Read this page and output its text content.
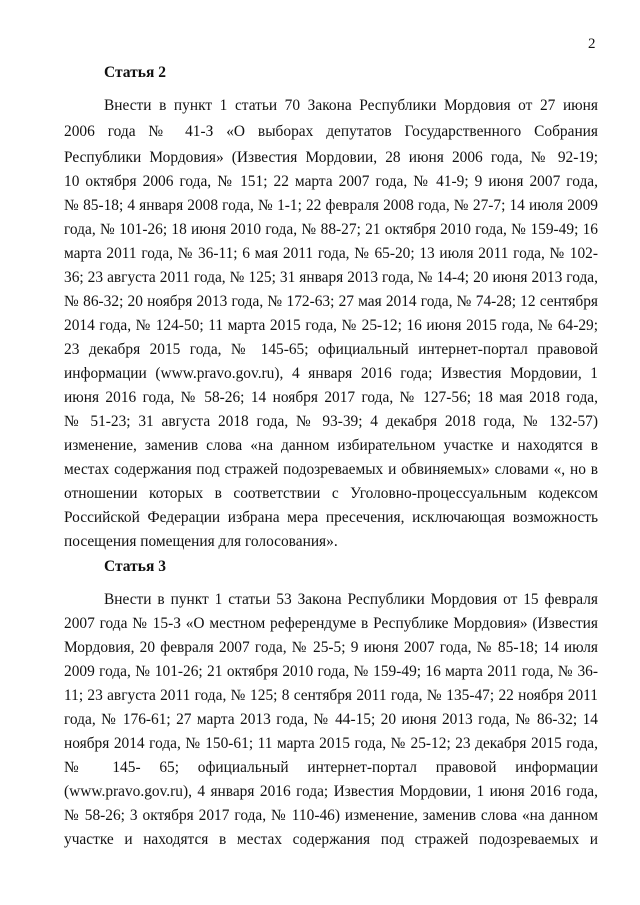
2
Статья 2
Внести в пункт 1 статьи 70 Закона Республики Мордовия от 27 июня
2006 года № 41-З «О выборах депутатов Государственного Собрания
Республики Мордовия» (Известия Мордовии, 28 июня 2006 года, № 92-19;
10 октября 2006 года, № 151; 22 марта 2007 года, № 41-9; 9 июня 2007 года,
№ 85-18; 4 января 2008 года, № 1-1; 22 февраля 2008 года, № 27-7; 14 июля 2009
года, № 101-26; 18 июня 2010 года, № 88-27; 21 октября 2010 года, № 159-49; 16
марта 2011 года, № 36-11; 6 мая 2011 года, № 65-20; 13 июля 2011 года, № 102-
36; 23 августа 2011 года, № 125; 31 января 2013 года, № 14-4; 20 июня 2013 года,
№ 86-32; 20 ноября 2013 года, № 172-63; 27 мая 2014 года, № 74-28; 12 сентября
2014 года, № 124-50; 11 марта 2015 года, № 25-12; 16 июня 2015 года, № 64-29;
23 декабря 2015 года, № 145-65; официальный интернет-портал правовой
информации (www.pravo.gov.ru), 4 января 2016 года; Известия Мордовии, 1
июня 2016 года, № 58-26; 14 ноября 2017 года, № 127-56; 18 мая 2018 года,
№ 51-23; 31 августа 2018 года, № 93-39; 4 декабря 2018 года, № 132-57)
изменение, заменив слова «на данном избирательном участке и находятся в
местах содержания под стражей подозреваемых и обвиняемых» словами «, но в
отношении которых в соответствии с Уголовно-процессуальным кодексом
Российской Федерации избрана мера пресечения, исключающая возможность
посещения помещения для голосования».
Статья 3
Внести в пункт 1 статьи 53 Закона Республики Мордовия от 15 февраля
2007 года № 15-З «О местном референдуме в Республике Мордовия» (Известия
Мордовия, 20 февраля 2007 года, № 25-5; 9 июня 2007 года, № 85-18; 14 июля
2009 года, № 101-26; 21 октября 2010 года, № 159-49; 16 марта 2011 года, № 36-
11; 23 августа 2011 года, № 125; 8 сентября 2011 года, № 135-47; 22 ноября 2011
года, № 176-61; 27 марта 2013 года, № 44-15; 20 июня 2013 года, № 86-32; 14
ноября 2014 года, № 150-61; 11 марта 2015 года, № 25-12; 23 декабря 2015 года,
№ 145- 65; официальный интернет-портал правовой информации
(www.pravo.gov.ru), 4 января 2016 года; Известия Мордовии, 1 июня 2016 года,
№ 58-26; 3 октября 2017 года, № 110-46) изменение, заменив слова «на данном
участке и находятся в местах содержания под стражей подозреваемых и
